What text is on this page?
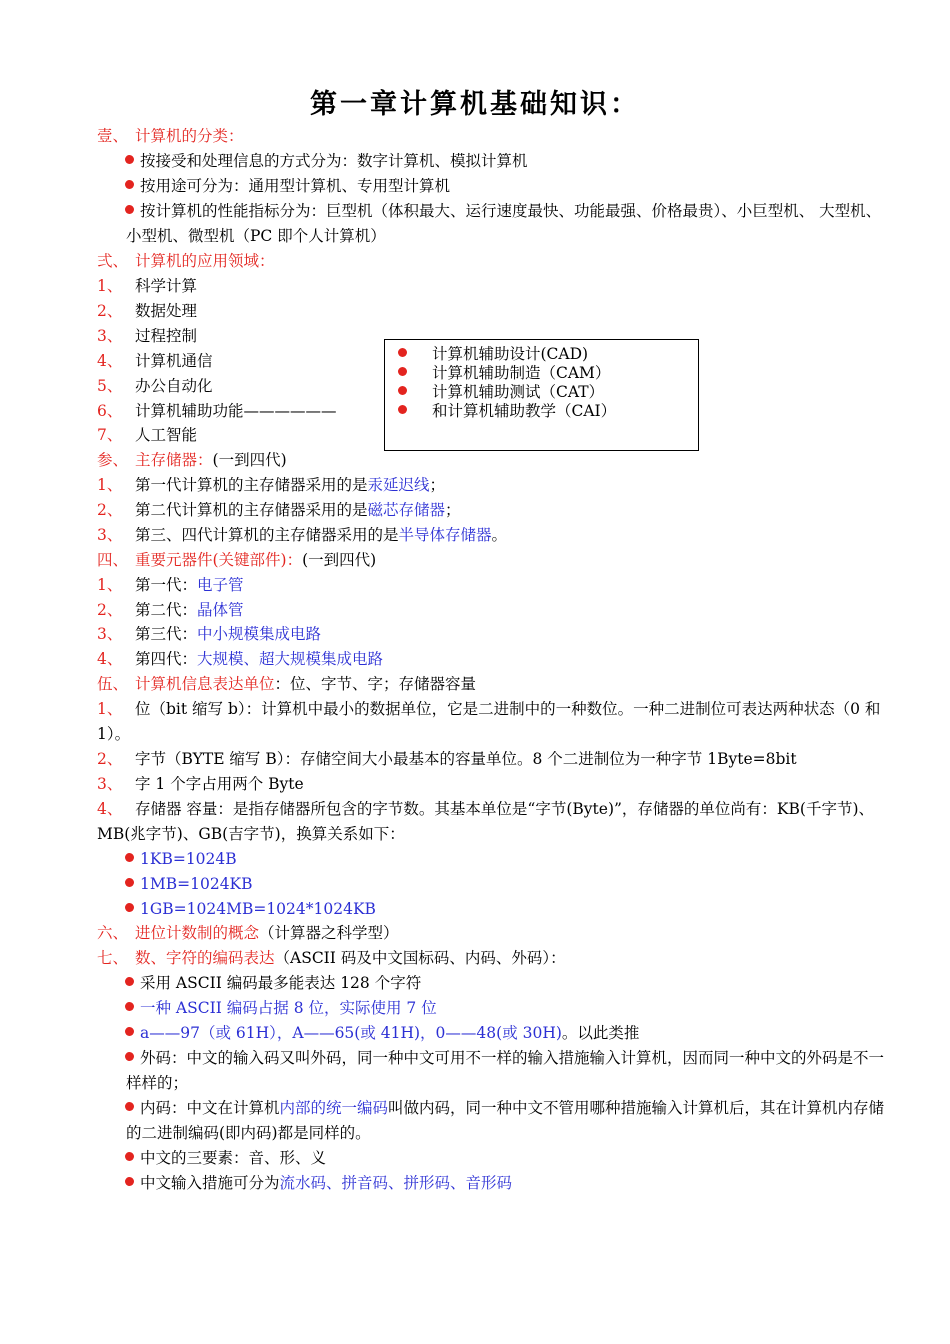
第一章计算机基础知识：
壹、 计算机的分类：
按接受和处理信息的方式分为：数字计算机、模拟计算机
按用途可分为：通用型计算机、专用型计算机
按计算机的性能指标分为：巨型机（体积最大、运行速度最快、功能最强、价格最贵）、小巨型机、 大型机、小型机、微型机（PC 即个人计算机）
弍、 计算机的应用领域：
1、 科学计算
2、 数据处理
3、 过程控制
4、 计算机通信
5、 办公自动化
6、 计算机辅助功能——————
7、 人工智能
计算机辅助设计(CAD)
计算机辅助制造（CAM）
计算机辅助测试（CAT）
和计算机辅助教学（CAI）
参、 主存储器：(一到四代)
1、 第一代计算机的主存储器采用的是汞延迟线；
2、 第二代计算机的主存储器采用的是磁芯存储器；
3、 第三、四代计算机的主存储器采用的是半导体存储器。
四、 重要元器件(关键部件)：(一到四代)
1、 第一代：电子管
2、 第二代：晶体管
3、 第三代：中小规模集成电路
4、 第四代：大规模、超大规模集成电路
伍、 计算机信息表达单位：位、字节、字；存储器容量
1、 位（bit 缩写 b）：计算机中最小的数据单位，它是二进制中的一种数位。一种二进制位可表达两种状态（0 和 1）。
2、 字节（BYTE 缩写 B）：存储空间大小最基本的容量单位。8 个二进制位为一种字节 1Byte=8bit
3、 字 1 个字占用两个 Byte
4、 存储器 容量：是指存储器所包含的字节数。其基本单位是“字节(Byte)”，存储器的单位尚有：KB(千字节)、MB(兆字节)、GB(吉字节)，换算关系如下：
1KB=1024B
1MB=1024KB
1GB=1024MB=1024*1024KB
六、 进位计数制的概念（计算器之科学型）
七、 数、字符的编码表达（ASCII 码及中文国标码、内码、外码）：
采用 ASCII 编码最多能表达 128 个字符
一种 ASCII 编码占据 8 位，实际使用 7 位
a——97（或 61H），A——65(或 41H)，0——48(或 30H)。以此类推
外码：中文的输入码又叫外码，同一种中文可用不一样的输入措施输入计算机，因而同一种中文的外码是不一样样的；
内码：中文在计算机内部的统一编码叫做内码，同一种中文不管用哪种措施输入计算机后，其在计算机内存储的二进制编码(即内码)都是同样的。
中文的三要素：音、形、义
中文输入措施可分为流水码、拼音码、拼形码、音形码
